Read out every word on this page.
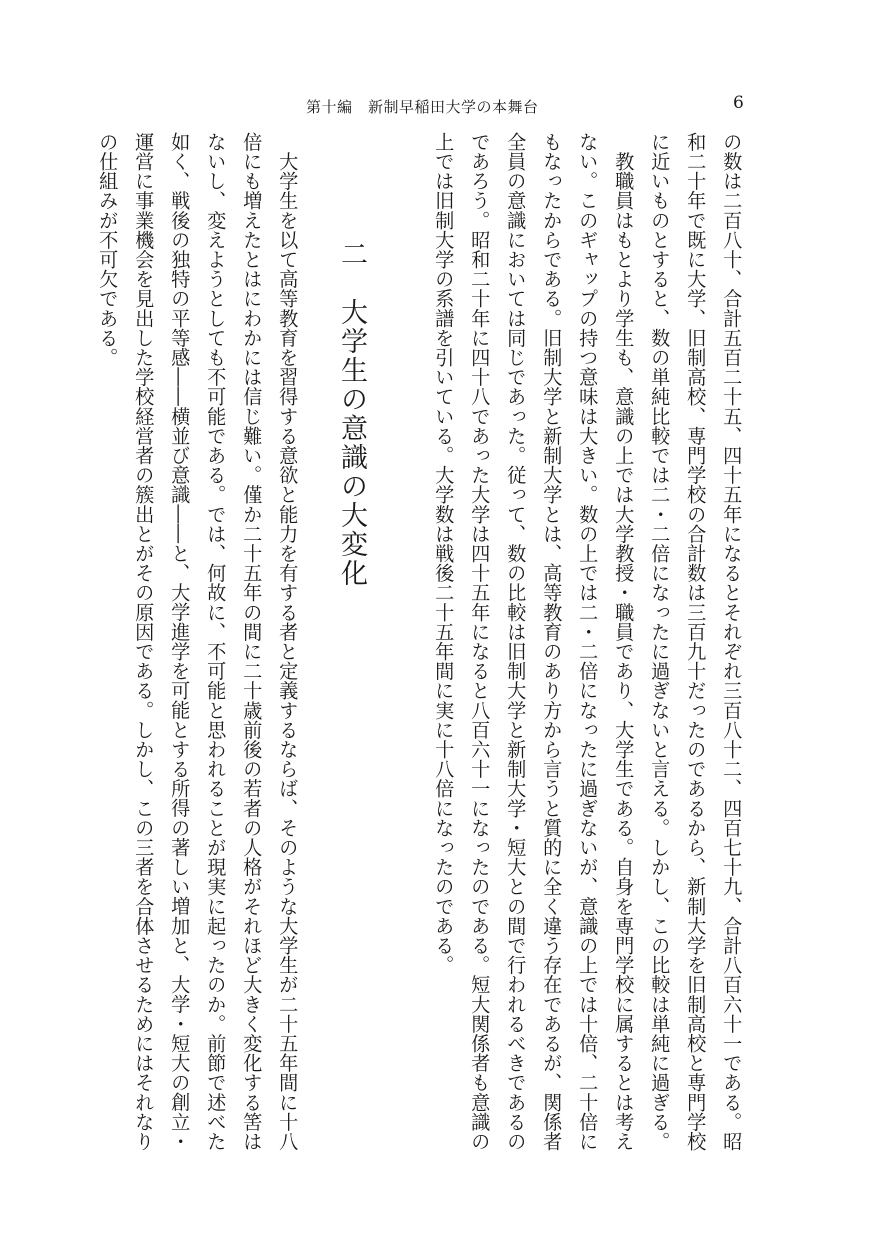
第十編　新制早稲田大学の本舞台	6
の数は二百八十、合計五百二十五、四十五年になるとそれぞれ三百八十二、四百七十九、合計八百六十一である。昭
和二十年で既に大学、旧制高校、専門学校の合計数は三百九十だったのであるから、新制大学を旧制高校と専門学校
に近いものとすると、数の単純比較では二・二倍になったに過ぎないと言える。しかし、この比較は単純に過ぎる。
　教職員はもとより学生も、意識の上では大学教授・職員であり、大学生である。自身を専門学校に属するとは考え
ない。このギャップの持つ意味は大きい。数の上では二・二倍になったに過ぎないが、意識の上では十倍、二十倍に
もなったからである。旧制大学と新制大学とは、高等教育のあり方から言うと質的に全く違う存在であるが、関係者
全員の意識においては同じであった。従って、数の比較は旧制大学と新制大学・短大との間で行われるべきであるの
であろう。昭和二十年に四十八であった大学は四十五年になると八百六十一になったのである。短大関係者も意識の
上では旧制大学の系譜を引いている。大学数は戦後二十五年間に実に十八倍になったのである。
二　大学生の意識の大変化
　大学生を以て高等教育を習得する意欲と能力を有する者と定義するならば、そのような大学生が二十五年間に十八
倍にも増えたとはにわかには信じ難い。僅か二十五年の間に二十歳前後の若者の人格がそれほど大きく変化する筈は
ないし、変えようとしても不可能である。では、何故に、不可能と思われることが現実に起ったのか。前節で述べた
如く、戦後の独特の平等感――横並び意識――と、大学進学を可能とする所得の著しい増加と、大学・短大の創立・
運営に事業機会を見出した学校経営者の簇出とがその原因である。しかし、この三者を合体させるためにはそれなり
の仕組みが不可欠である。
